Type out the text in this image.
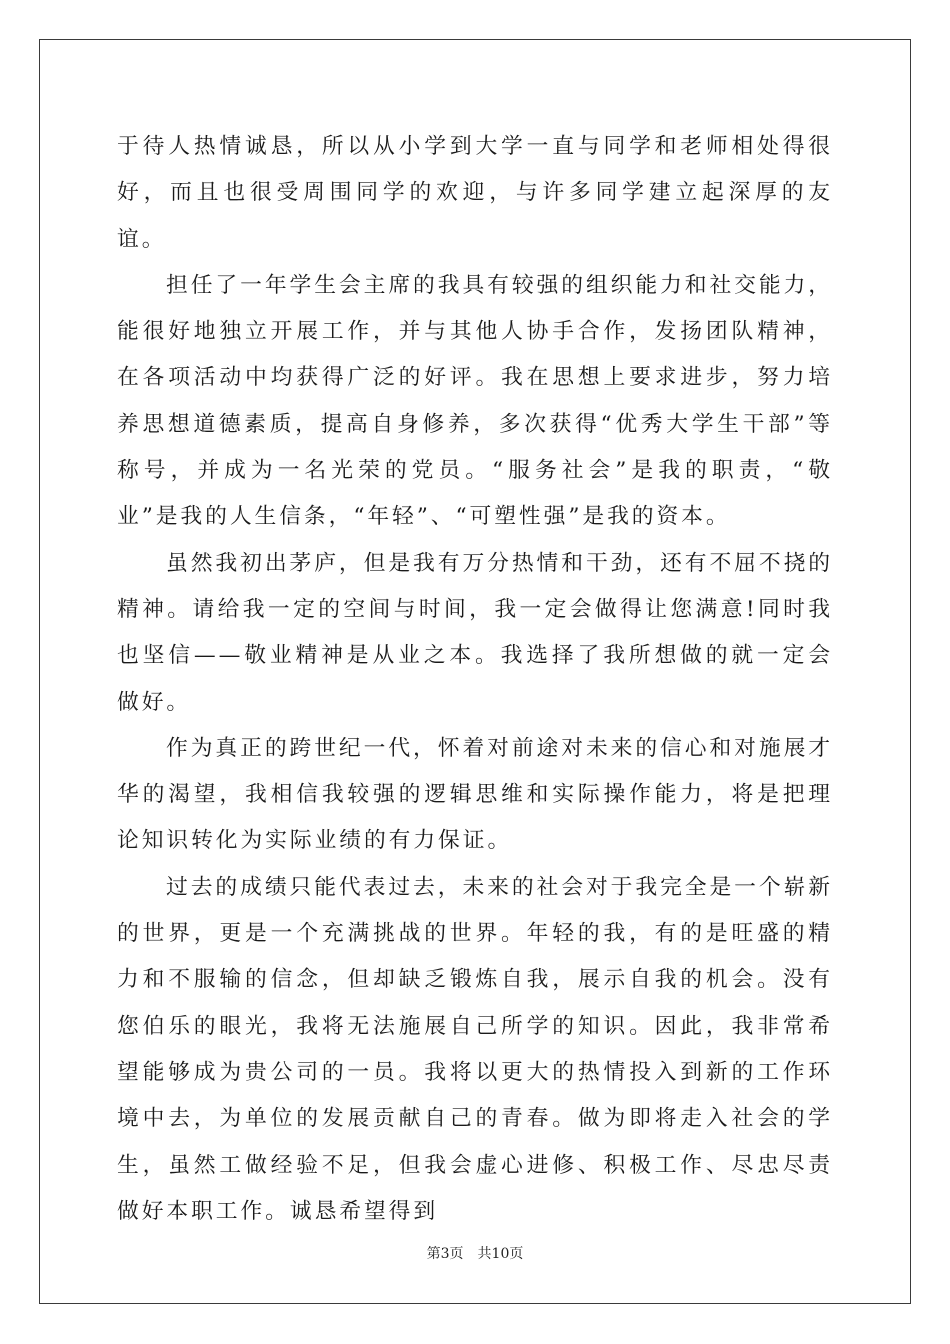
于待人热情诚恳，所以从小学到大学一直与同学和老师相处得很好，而且也很受周围同学的欢迎，与许多同学建立起深厚的友谊。

担任了一年学生会主席的我具有较强的组织能力和社交能力，能很好地独立开展工作，并与其他人协手合作，发扬团队精神，在各项活动中均获得广泛的好评。我在思想上要求进步，努力培养思想道德素质，提高自身修养，多次获得“优秀大学生干部”等称号，并成为一名光荣的党员。“服务社会”是我的职责，“敬业”是我的人生信条，“年轻”、“可塑性强”是我的资本。

虽然我初出茅庐，但是我有万分热情和干劲，还有不屈不挠的精神。请给我一定的空间与时间，我一定会做得让您满意!同时我也坚信——敬业精神是从业之本。我选择了我所想做的就一定会做好。

作为真正的跨世纪一代，怀着对前途对未来的信心和对施展才华的渴望，我相信我较强的逻辑思维和实际操作能力，将是把理论知识转化为实际业绩的有力保证。

过去的成绩只能代表过去，未来的社会对于我完全是一个崭新的世界，更是一个充满挑战的世界。年轻的我，有的是旺盛的精力和不服输的信念，但却缺乏锻炼自我，展示自我的机会。没有您伯乐的眼光，我将无法施展自己所学的知识。因此，我非常希望能够成为贵公司的一员。我将以更大的热情投入到新的工作环境中去，为单位的发展贡献自己的青春。做为即将走入社会的学生，虽然工做经验不足，但我会虚心进修、积极工作、尽忠尽责做好本职工作。诚恳希望得到

第3页 共10页
